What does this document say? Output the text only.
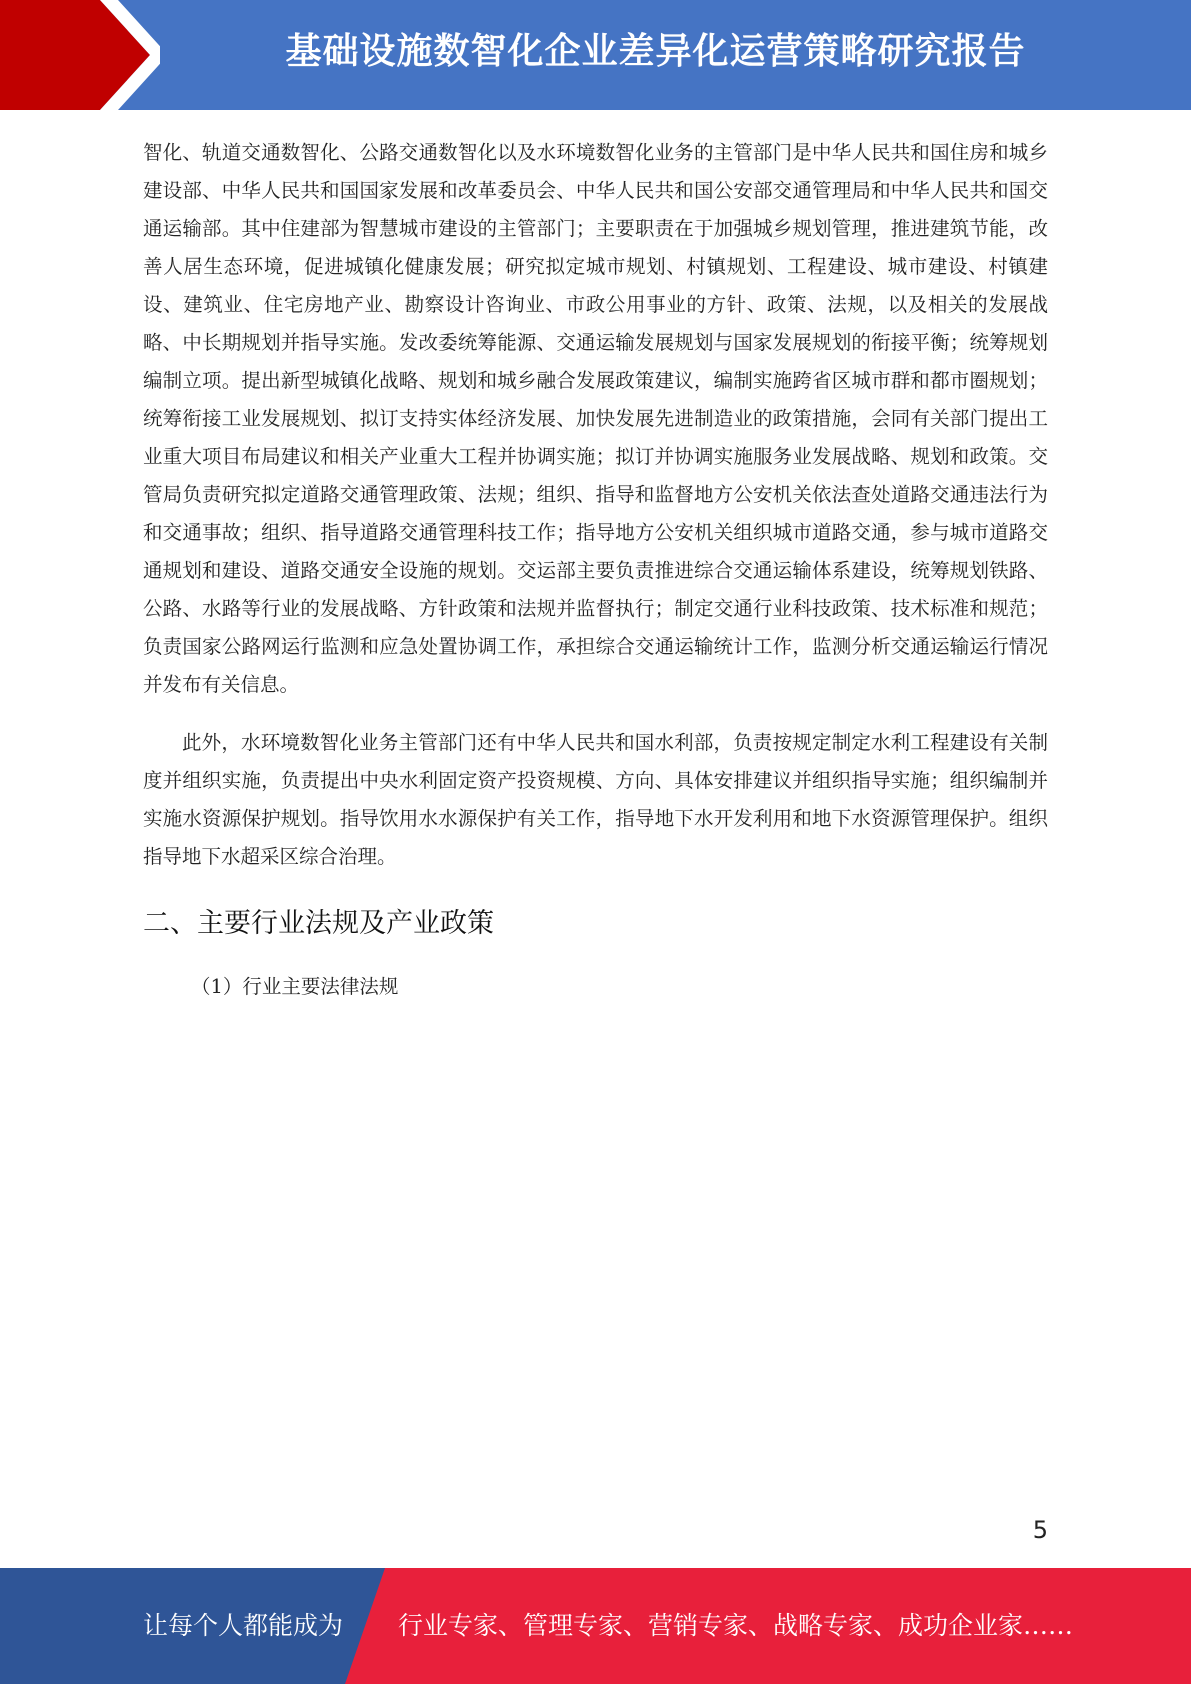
基础设施数智化企业差异化运营策略研究报告

智化、轨道交通数智化、公路交通数智化以及水环境数智化业务的主管部门是中华人民共和国住房和城乡建设部、中华人民共和国国家发展和改革委员会、中华人民共和国公安部交通管理局和中华人民共和国交通运输部。其中住建部为智慧城市建设的主管部门；主要职责在于加强城乡规划管理，推进建筑节能，改善人居生态环境，促进城镇化健康发展；研究拟定城市规划、村镇规划、工程建设、城市建设、村镇建设、建筑业、住宅房地产业、勘察设计咨询业、市政公用事业的方针、政策、法规，以及相关的发展战略、中长期规划并指导实施。发改委统筹能源、交通运输发展规划与国家发展规划的衔接平衡；统筹规划编制立项。提出新型城镇化战略、规划和城乡融合发展政策建议，编制实施跨省区城市群和都市圈规划；统筹衔接工业发展规划、拟订支持实体经济发展、加快发展先进制造业的政策措施，会同有关部门提出工业重大项目布局建议和相关产业重大工程并协调实施；拟订并协调实施服务业发展战略、规划和政策。交管局负责研究拟定道路交通管理政策、法规；组织、指导和监督地方公安机关依法查处道路交通违法行为和交通事故；组织、指导道路交通管理科技工作；指导地方公安机关组织城市道路交通，参与城市道路交通规划和建设、道路交通安全设施的规划。交运部主要负责推进综合交通运输体系建设，统筹规划铁路、公路、水路等行业的发展战略、方针政策和法规并监督执行；制定交通行业科技政策、技术标准和规范；负责国家公路网运行监测和应急处置协调工作，承担综合交通运输统计工作，监测分析交通运输运行情况并发布有关信息。

此外，水环境数智化业务主管部门还有中华人民共和国水利部，负责按规定制定水利工程建设有关制度并组织实施，负责提出中央水利固定资产投资规模、方向、具体安排建议并组织指导实施；组织编制并实施水资源保护规划。指导饮用水水源保护有关工作，指导地下水开发利用和地下水资源管理保护。组织指导地下水超采区综合治理。

二、主要行业法规及产业政策
（1）行业主要法律法规
5
让每个人都能成为 行业专家、管理专家、营销专家、战略专家、成功企业家……
